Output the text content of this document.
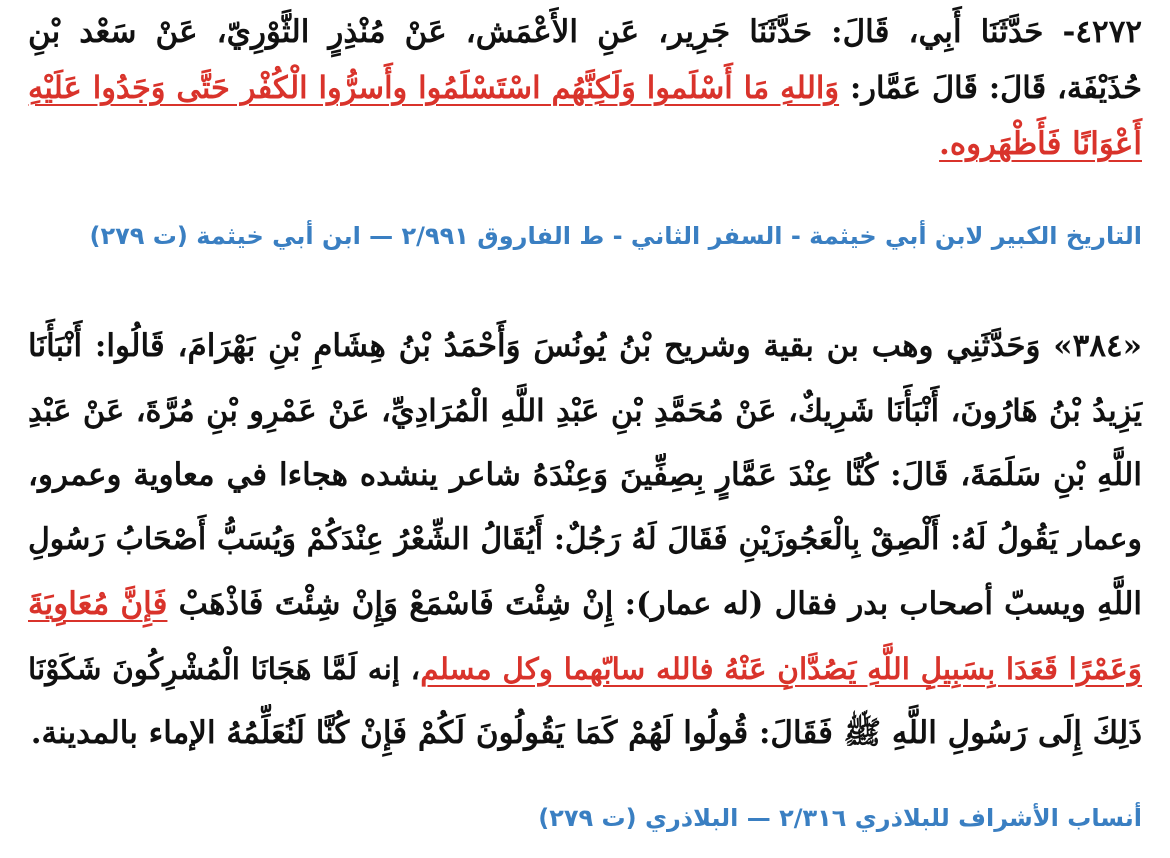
٤٢٧٢- حَدَّثَنَا أَبِي، قَالَ: حَدَّثَنَا جَرِير، عَنِ الأَعْمَش، عَنْ مُنْذِرٍ الثَّوْرِيّ، عَنْ سَعْد بْنِ
حُذَيْفَة، قَالَ: قَالَ عَمَّار: وَاللهِ مَا أَسْلَموا وَلَكِنَّهُم اسْتَسْلَمُوا وأَسرُّوا الْكُفْر حَتَّى وَجَدُوا عَلَيْهِ
أَعْوَانًا فَأَظْهَروه.
التاريخ الكبير لابن أبي خيثمة - السفر الثاني - ط الفاروق ٢/٩٩١ — ابن أبي خيثمة (ت ٢٧٩)
«٣٨٤» وَحَدَّثَنِي وهب بن بقية وشريح بْنُ يُونُسَ وَأَحْمَدُ بْنُ هِشَامِ بْنِ بَهْرَامَ، قَالُوا: أَنْبَأَنَا
يَزِيدُ بْنُ هَارُونَ، أَنْبَأَنَا شَرِيكٌ، عَنْ مُحَمَّدِ بْنِ عَبْدِ اللَّهِ الْمُرَادِيِّ، عَنْ عَمْرِو بْنِ مُرَّةَ، عَنْ عَبْدِ
اللَّهِ بْنِ سَلَمَةَ، قَالَ: كُنَّا عِنْدَ عَمَّارٍ بِصِفِّينَ وَعِنْدَهُ شاعر ينشده هجاءا في معاوية وعمرو،
وعمار يَقُولُ لَهُ: أَلْصِقْ بِالْعَجُوزَيْنِ فَقَالَ لَهُ رَجُلٌ: أَيُقَالُ الشِّعْرُ عِنْدَكُمْ وَيُسَبُّ أَصْحَابُ رَسُولِ
اللَّهِ ويسبّ أصحاب بدر فقال (له عمار): إِنْ شِئْتَ فَاسْمَعْ وَإِنْ شِئْتَ فَاذْهَبْ فَإِنَّ مُعَاوِيَةَ
وَعَمْرًا قَعَدَا بِسَبِيلِ اللَّهِ يَصُدَّانِ عَنْهُ فالله سابّهما وكل مسلم، إنه لَمَّا هَجَانَا الْمُشْرِكُونَ شَكَوْنَا
ذَلِكَ إِلَى رَسُولِ اللَّهِ ﷺ فَقَالَ: قُولُوا لَهُمْ كَمَا يَقُولُونَ لَكُمْ فَإِنْ كُنَّا لَنُعَلِّمُهُ الإماء بالمدينة.
أنساب الأشراف للبلاذري ٢/٣١٦ — البلاذري (ت ٢٧٩)
